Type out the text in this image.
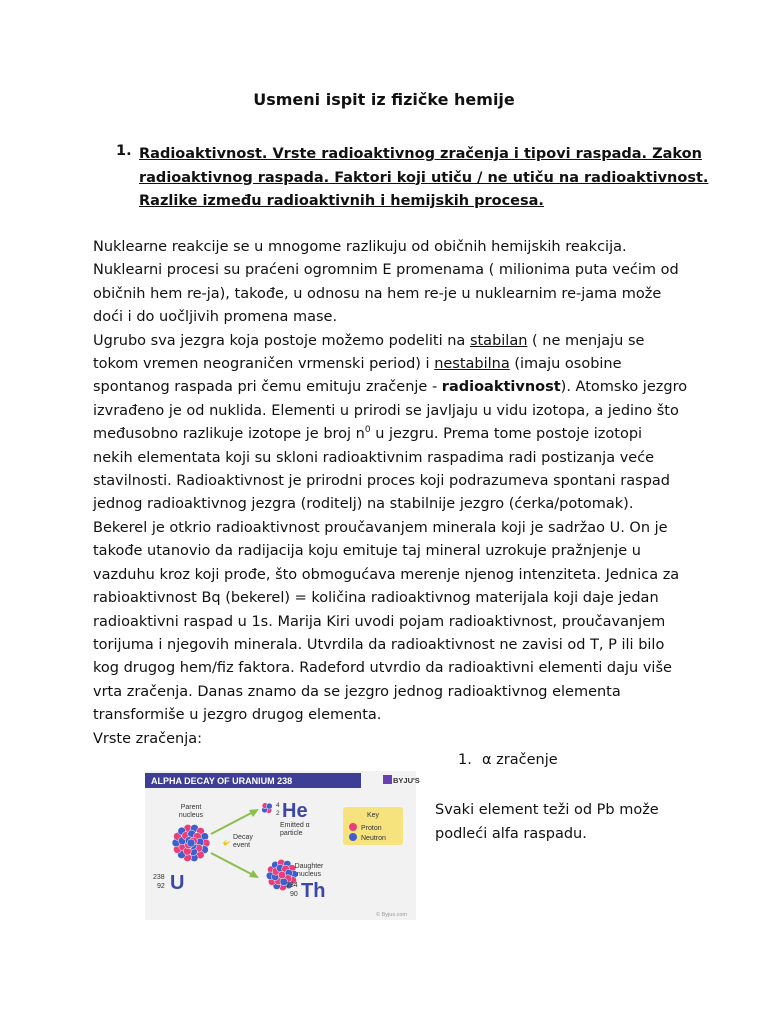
Usmeni ispit iz fizičke hemije
1. Radioaktivnost. Vrste radioaktivnog zračenja i tipovi raspada. Zakon
radioaktivnog raspada. Faktori koji utiču / ne utiču na radioaktivnost.
Razlike između radioaktivnih i hemijskih procesa.
Nuklearne reakcije se u mnogome razlikuju od običnih hemijskih reakcija.
Nuklearni procesi su praćeni ogromnim E promenama ( milionima puta većim od
običnih hem re-ja), takođe, u odnosu na hem re-je u nuklearnim re-jama može
doći i do uočljivih promena mase.
Ugrubo sva jezgra koja postoje možemo podeliti na stabilan ( ne menjaju se
tokom vremen neograničen vrmenski period) i nestabilna (imaju osobine
spontanog raspada pri čemu emituju zračenje - radioaktivnost). Atomsko jezgro
izvrađeno je od nuklida. Elementi u prirodi se javljaju u vidu izotopa, a jedino što
međusobno razlikuje izotope je broj $n^0$ u jezgru. Prema tome postoje izotopi
nekih elementata koji su skloni radioaktivnim raspadima radi postizanja veće
stavilnosti. Radioaktivnost je prirodni proces koji podrazumeva spontani raspad
jednog radioaktivnog jezgra (roditelj) na stabilnije jezgro (ćerka/potomak).
Bekerel je otkrio radioaktivnost proučavanjem minerala koji je sadržao U. On je
takođe utanovio da radijacija koju emituje taj mineral uzrokuje pražnjenje u
vazduhu kroz koji prođe, što obmogućava merenje njenog intenziteta. Jednica za
rabioaktivnost Bq (bekerel) = količina radioaktivnog materijala koji daje jedan
radioaktivni raspad u 1s. Marija Kiri uvodi pojam radioaktivnost, proučavanjem
torijuma i njegovih minerala. Utvrdila da radioaktivnost ne zavisi od T, P ili bilo
kog drugog hem/fiz faktora. Radeford utvrdio da radioaktivni elementi daju više
vrta zračenja. Danas znamo da se jezgro jednog radioaktivnog elementa
transformiše u jezgro drugog elementa.
Vrste zračenja:
1. α zračenje
Svaki element teži od Pb može
podleći alfa raspadu.
ALPHA DECAY OF URANIUM 238	BYJU'S
Parent
nucleus
238
92 U
Decay
event
4
2 He
Emitted α
particle
Key
Proton
Neutron
Daughter
nucleus
234
90 Th
© Byjus.com
